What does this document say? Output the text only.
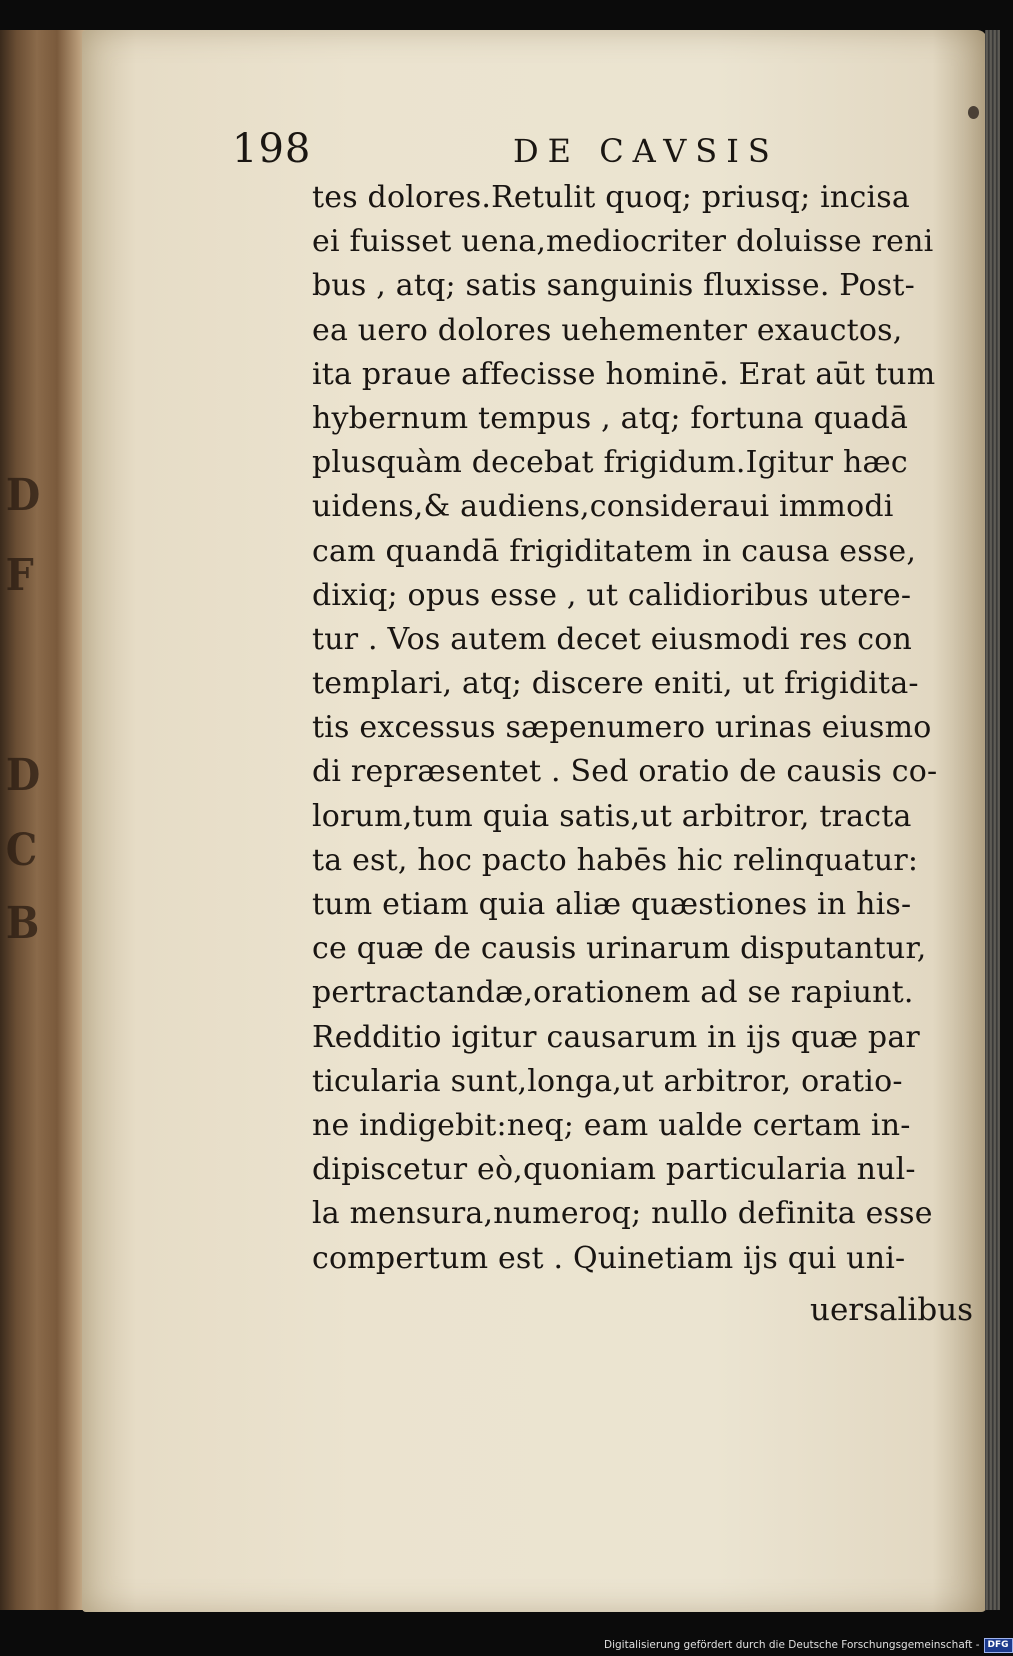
D
F
D
C
B
198	DE CAVSIS
tes dolores.Retulit quoq; priusq; incisa
ei fuisset uena,mediocriter doluisse reni
bus , atq; satis sanguinis fluxisse. Post-
ea uero dolores uehementer exauctos,
ita praue affecisse hominē. Erat aūt tum
hybernum tempus , atq; fortuna quadā
plusquàm decebat frigidum.Igitur hæc
uidens,& audiens,consideraui immodi
cam quandā frigiditatem in causa esse,
dixiq; opus esse , ut calidioribus utere-
tur . Vos autem decet eiusmodi res con
templari, atq; discere eniti, ut frigidita-
tis excessus sæpenumero urinas eiusmo
di repræsentet . Sed oratio de causis co-
lorum,tum quia satis,ut arbitror, tracta
ta est, hoc pacto habēs hic relinquatur:
tum etiam quia aliæ quæstiones in his-
ce quæ de causis urinarum disputantur,
pertractandæ,orationem ad se rapiunt.
Redditio igitur causarum in ijs quæ par
ticularia sunt,longa,ut arbitror, oratio-
ne indigebit:neq; eam ualde certam in-
dipiscetur eò,quoniam particularia nul-
la mensura,numeroq; nullo definita esse
compertum est . Quinetiam ijs qui uni-
uersalibus
Digitalisierung gefördert durch die Deutsche Forschungsgemeinschaft - DFG
